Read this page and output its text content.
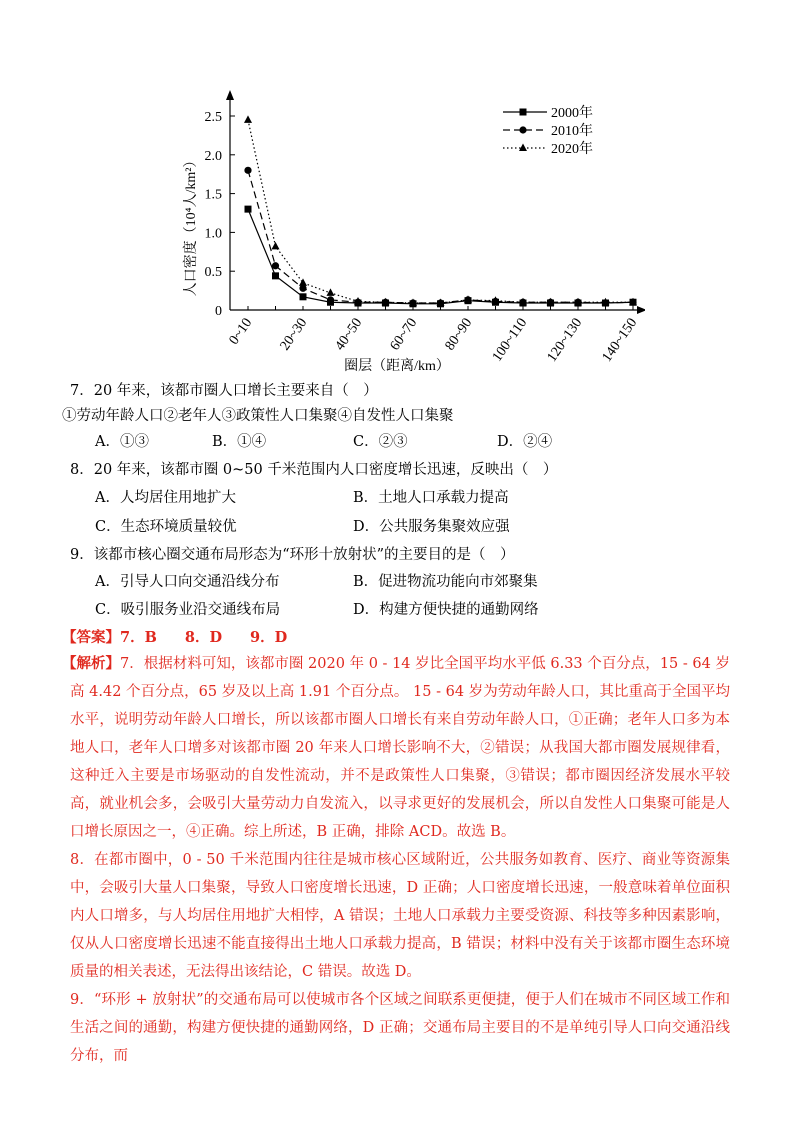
0
0.5
1.0
1.5
2.0
2.5
0~10 20~30 40~50 60~70 80~90 100~110 120~130 140~150
2000年
2010年
2020年
人口密度（10⁴人/km²）
圈层（距离/km）
7．20 年来，该都市圈人口增长主要来自（　）
①劳动年龄人口②老年人③政策性人口集聚④自发性人口集聚
A．①③	B．①④	C．②③	D．②④
8．20 年来，该都市圈 0~50 千米范围内人口密度增长迅速，反映出（　）
A．人均居住用地扩大	B．土地人口承载力提高
C．生态环境质量较优	D．公共服务集聚效应强
9．该都市核心圈交通布局形态为“环形十放射状”的主要目的是（　）
A．引导人口向交通沿线分布	B．促进物流功能向市郊聚集
C．吸引服务业沿交通线布局	D．构建方便快捷的通勤网络
【答案】7．B 8．D 9．D
【解析】7．根据材料可知，该都市圈 2020 年 0 - 14 岁比全国平均水平低 6.33 个百分点，15 - 64 岁高 4.42 个百分点，65 岁及以上高 1.91 个百分点。 15 - 64 岁为劳动年龄人口，其比重高于全国平均水平，说明劳动年龄人口增长，所以该都市圈人口增长有来自劳动年龄人口，①正确；老年人口多为本地人口，老年人口增多对该都市圈 20 年来人口增长影响不大，②错误；从我国大都市圈发展规律看，这种迁入主要是市场驱动的自发性流动，并不是政策性人口集聚，③错误；都市圈因经济发展水平较高，就业机会多，会吸引大量劳动力自发流入，以寻求更好的发展机会，所以自发性人口集聚可能是人口增长原因之一，④正确。综上所述，B 正确，排除 ACD。故选 B。
8．在都市圈中，0 - 50 千米范围内往往是城市核心区域附近，公共服务如教育、医疗、商业等资源集中，会吸引大量人口集聚，导致人口密度增长迅速，D 正确；人口密度增长迅速，一般意味着单位面积内人口增多，与人均居住用地扩大相悖，A 错误；土地人口承载力主要受资源、科技等多种因素影响，仅从人口密度增长迅速不能直接得出土地人口承载力提高，B 错误；材料中没有关于该都市圈生态环境质量的相关表述，无法得出该结论，C 错误。故选 D。
9．“环形 + 放射状”的交通布局可以使城市各个区域之间联系更便捷，便于人们在城市不同区域工作和生活之间的通勤，构建方便快捷的通勤网络，D 正确；交通布局主要目的不是单纯引导人口向交通沿线分布，而
